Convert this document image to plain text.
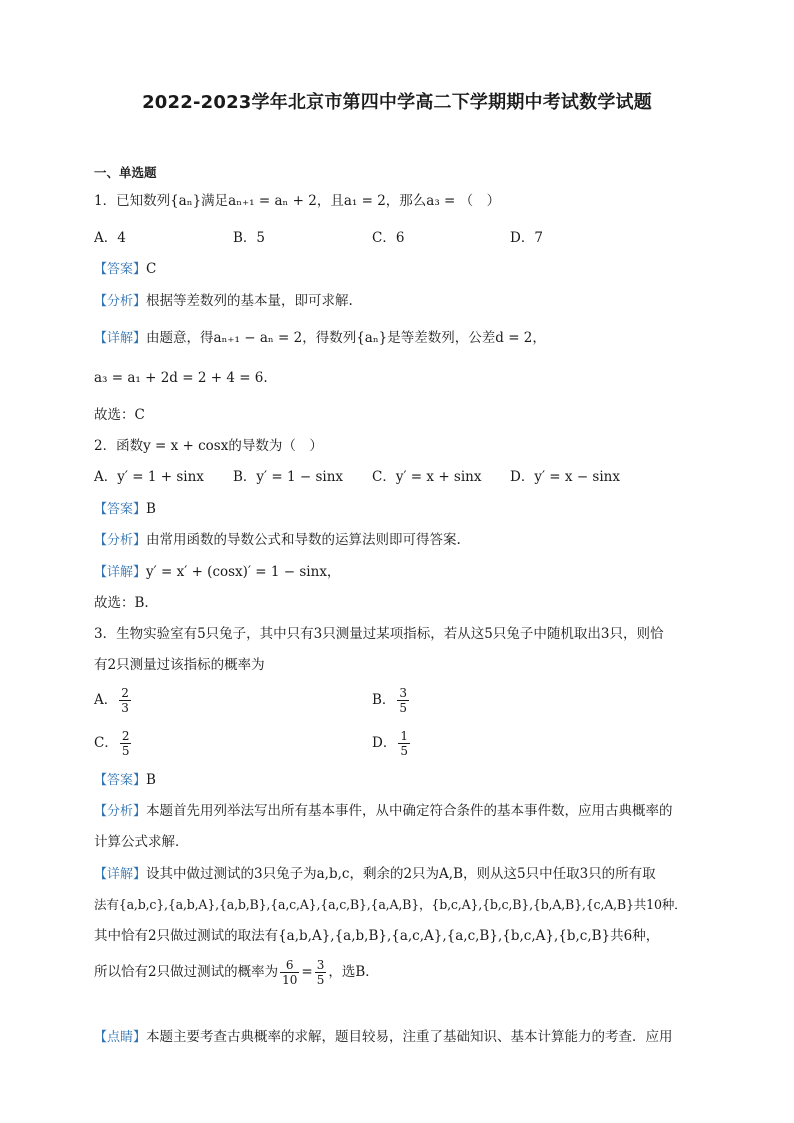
2022-2023学年北京市第四中学高二下学期期中考试数学试题
一、单选题
1．已知数列{aₙ}满足aₙ₊₁ = aₙ + 2，且a₁ = 2，那么a₃ = （　）
A．4	B．5	C．6	D．7
【答案】C
【分析】根据等差数列的基本量，即可求解.
【详解】由题意，得aₙ₊₁ − aₙ = 2，得数列{aₙ}是等差数列，公差d = 2，
a₃ = a₁ + 2d = 2 + 4 = 6.
故选：C
2．函数y = x + cosx的导数为（　）
A．y′ = 1 + sinx B．y′ = 1 − sinx C．y′ = x + sinx D．y′ = x − sinx
【答案】B
【分析】由常用函数的导数公式和导数的运算法则即可得答案.
【详解】y′ = x′ + (cosx)′ = 1 − sinx，
故选：B.
3．生物实验室有5只兔子，其中只有3只测量过某项指标，若从这5只兔子中随机取出3只，则恰
有2只测量过该指标的概率为
A． $\frac{2}{3}$	B． $\frac{3}{5}$
C． $\frac{2}{5}$	D． $\frac{1}{5}$
【答案】B
【分析】本题首先用列举法写出所有基本事件，从中确定符合条件的基本事件数，应用古典概率的
计算公式求解．
【详解】设其中做过测试的3只兔子为a,b,c，剩余的2只为A,B，则从这5只中任取3只的所有取
法有{a,b,c},{a,b,A},{a,b,B},{a,c,A},{a,c,B},{a,A,B}，{b,c,A},{b,c,B},{b,A,B},{c,A,B}共10种．
其中恰有2只做过测试的取法有{a,b,A},{a,b,B},{a,c,A},{a,c,B},{b,c,A},{b,c,B}共6种，
所以恰有2只做过测试的概率为 $\frac{6}{10} = \frac{3}{5}$ ，选B．
【点睛】本题主要考查古典概率的求解，题目较易，注重了基础知识、基本计算能力的考查．应用
